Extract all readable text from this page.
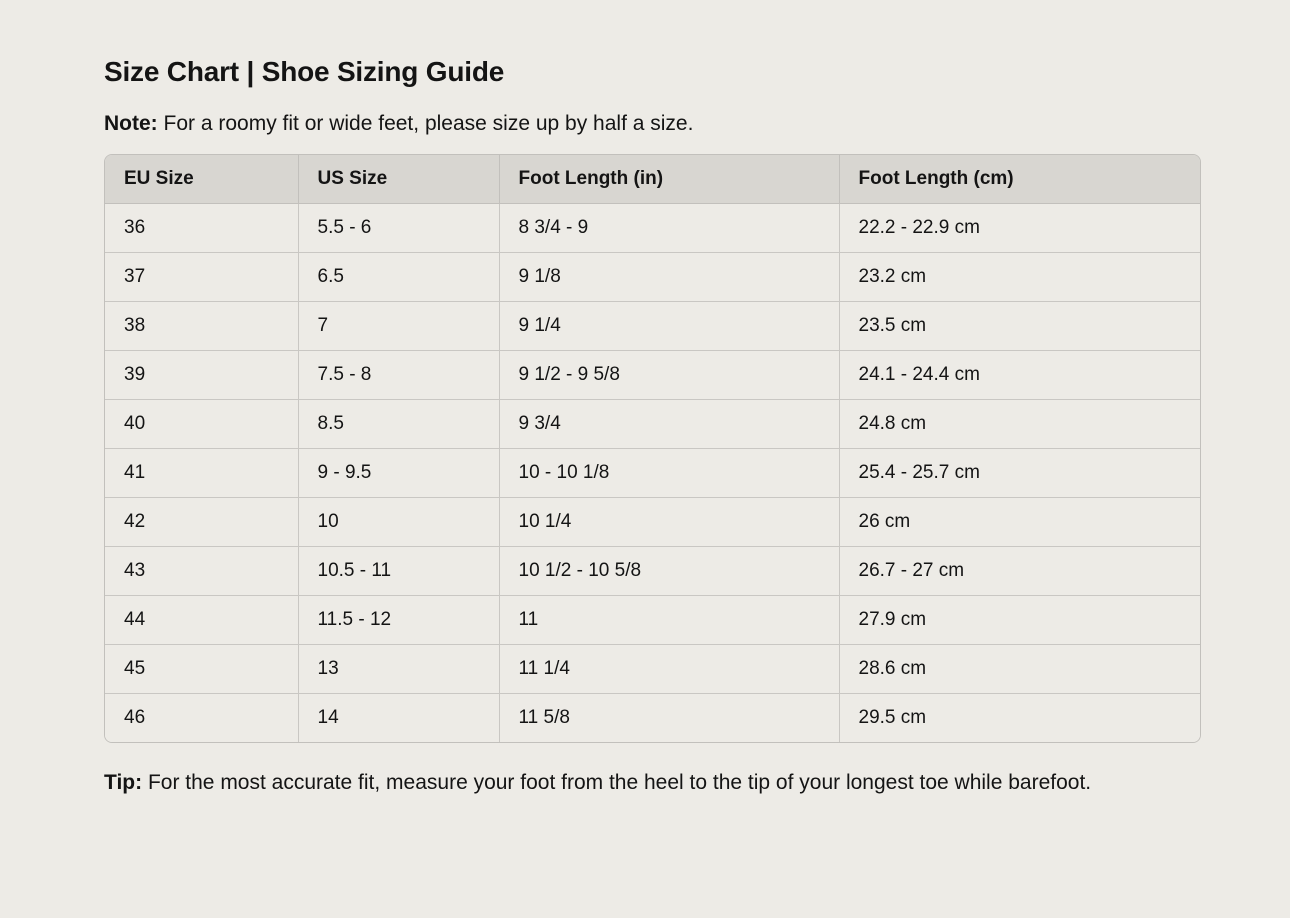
Size Chart | Shoe Sizing Guide

Note: For a roomy fit or wide feet, please size up by half a size.

EU Size	US Size	Foot Length (in)	Foot Length (cm)
36	5.5 - 6	8 3/4 - 9	22.2 - 22.9 cm
37	6.5	9 1/8	23.2 cm
38	7	9 1/4	23.5 cm
39	7.5 - 8	9 1/2 - 9 5/8	24.1 - 24.4 cm
40	8.5	9 3/4	24.8 cm
41	9 - 9.5	10 - 10 1/8	25.4 - 25.7 cm
42	10	10 1/4	26 cm
43	10.5 - 11	10 1/2 - 10 5/8	26.7 - 27 cm
44	11.5 - 12	11	27.9 cm
45	13	11 1/4	28.6 cm
46	14	11 5/8	29.5 cm

Tip: For the most accurate fit, measure your foot from the heel to the tip of your longest toe while barefoot.
